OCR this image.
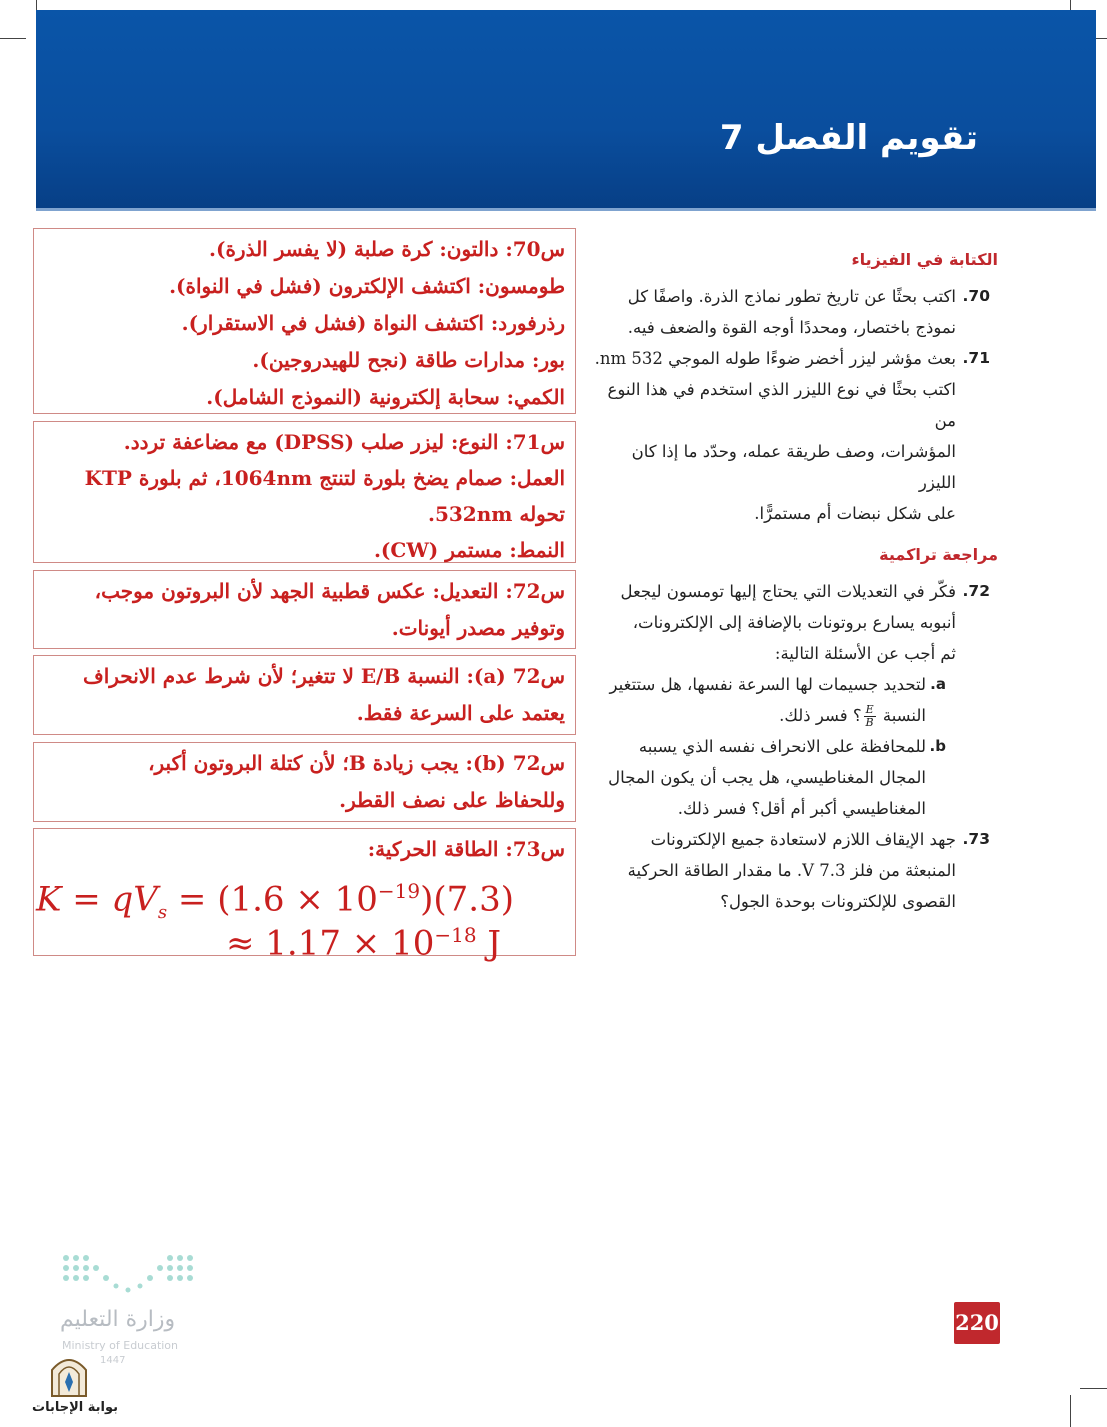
تقويم الفصل 7
الكتابة في الفيزياء
70.
اكتب بحثًا عن تاريخ تطور نماذج الذرة. واصفًا كل
نموذج باختصار، ومحددًا أوجه القوة والضعف فيه.
71.
بعث مؤشر ليزر أخضر ضوءًا طوله الموجي 532 nm.
اكتب بحثًا في نوع الليزر الذي استخدم في هذا النوع من
المؤشرات، وصف طريقة عمله، وحدّد ما إذا كان الليزر
على شكل نبضات أم مستمرًّا.
مراجعة تراكمية
72.
فكّر في التعديلات التي يحتاج إليها تومسون ليجعل
أنبوبه يسارع بروتونات بالإضافة إلى الإلكترونات،
ثم أجب عن الأسئلة التالية:
a.
لتحديد جسيمات لها السرعة نفسها، هل ستتغير
النسبة
$\frac{E}{B}$
؟ فسر ذلك.
b.
للمحافظة على الانحراف نفسه الذي يسببه
المجال المغناطيسي، هل يجب أن يكون المجال
المغناطيسي أكبر أم أقل؟ فسر ذلك.
73.
جهد الإيقاف اللازم لاستعادة جميع الإلكترونات
المنبعثة من فلز V 7.3. ما مقدار الطاقة الحركية
القصوى للإلكترونات بوحدة الجول؟

س70: دالتون: كرة صلبة (لا يفسر الذرة).

طومسون: اكتشف الإلكترون (فشل في النواة).

رذرفورد: اكتشف النواة (فشل في الاستقرار).

بور: مدارات طاقة (نجح للهيدروجين).

الكمي: سحابة إلكترونية (النموذج الشامل).

س71: النوع: ليزر صلب (DPSS) مع مضاعفة تردد.

العمل: صمام يضخ بلورة لتنتج 1064nm، ثم بلورة KTP

تحوله 532nm.

النمط: مستمر (CW).

س72: التعديل: عكس قطبية الجهد لأن البروتون موجب،

وتوفير مصدر أيونات.

س72 (a): النسبة E/B لا تتغير؛ لأن شرط عدم الانحراف

يعتمد على السرعة فقط.

س72 (b): يجب زيادة B؛ لأن كتلة البروتون أكبر،

وللحفاظ على نصف القطر.

س73: الطاقة الحركية:

$K = qV_s = (1.6 \times 10^{-19})(7.3)$
≈ $1.17 \times 10^{-18}$ J
وزارة التعليم
Ministry of Education
1447
بوابة الإجابات
220
